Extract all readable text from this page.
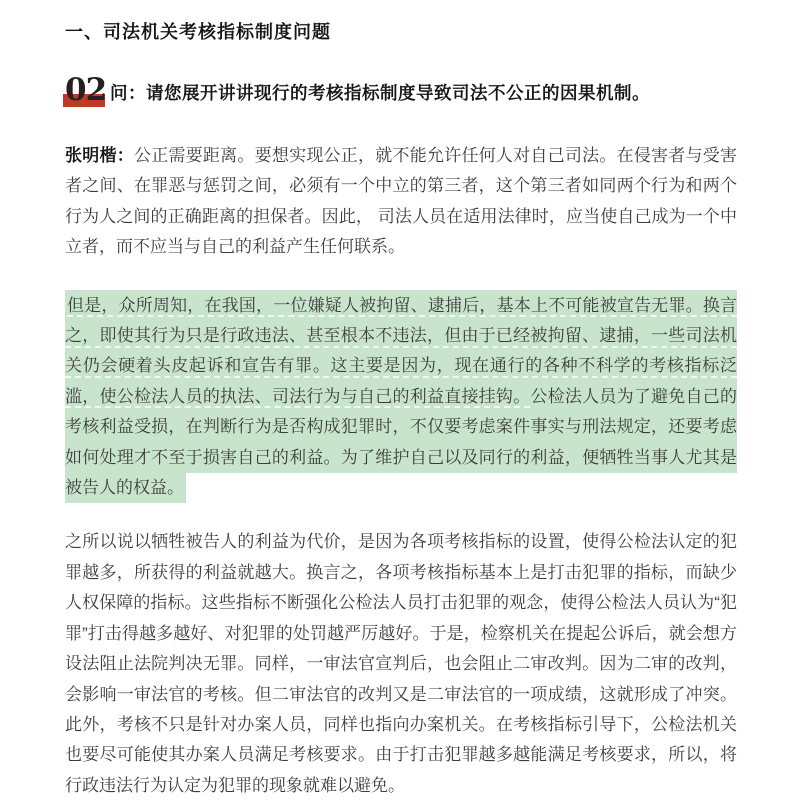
一、司法机关考核指标制度问题
02 问：请您展开讲讲现行的考核指标制度导致司法不公正的因果机制。

张明楷：公正需要距离。要想实现公正，就不能允许任何人对自己司法。在侵害者与受害者之间、在罪恶与惩罚之间，必须有一个中立的第三者，这个第三者如同两个行为和两个行为人之间的正确距离的担保者。因此， 司法人员在适用法律时，应当使自己成为一个中立者，而不应当与自己的利益产生任何联系。

但是，众所周知，在我国，一位嫌疑人被拘留、逮捕后，基本上不可能被宣告无罪。换言之，即使其行为只是行政违法、甚至根本不违法，但由于已经被拘留、逮捕，一些司法机关仍会硬着头皮起诉和宣告有罪。这主要是因为，现在通行的各种不科学的考核指标泛滥，使公检法人员的执法、司法行为与自己的利益直接挂钩。公检法人员为了避免自己的考核利益受损，在判断行为是否构成犯罪时，不仅要考虑案件事实与刑法规定，还要考虑如何处理才不至于损害自己的利益。为了维护自己以及同行的利益，便牺牲当事人尤其是被告人的权益。

之所以说以牺牲被告人的利益为代价，是因为各项考核指标的设置，使得公检法认定的犯罪越多，所获得的利益就越大。换言之，各项考核指标基本上是打击犯罪的指标，而缺少人权保障的指标。这些指标不断强化公检法人员打击犯罪的观念，使得公检法人员认为“犯罪”打击得越多越好、对犯罪的处罚越严厉越好。于是，检察机关在提起公诉后，就会想方设法阻止法院判决无罪。同样，一审法官宣判后，也会阻止二审改判。因为二审的改判，会影响一审法官的考核。但二审法官的改判又是二审法官的一项成绩，这就形成了冲突。此外，考核不只是针对办案人员，同样也指向办案机关。在考核指标引导下，公检法机关也要尽可能使其办案人员满足考核要求。由于打击犯罪越多越能满足考核要求，所以，将行政违法行为认定为犯罪的现象就难以避免。
